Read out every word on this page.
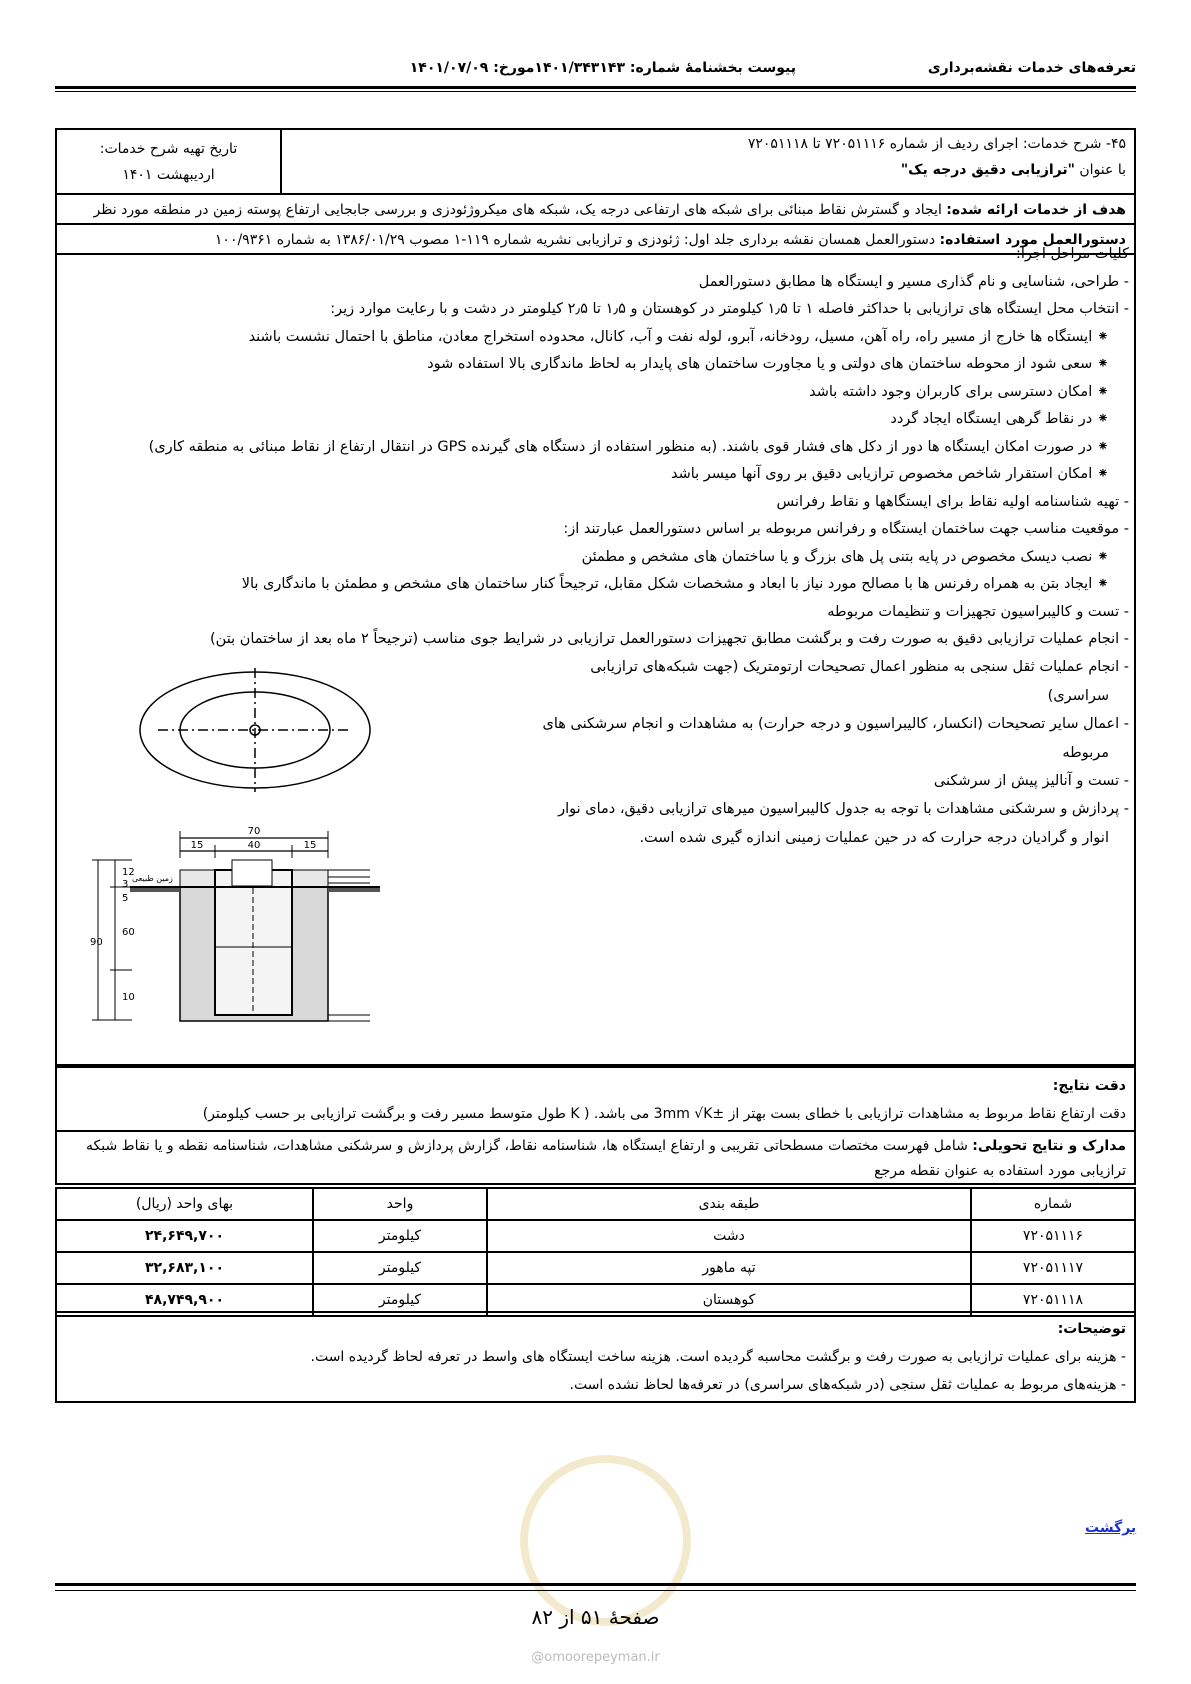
تعرفه‌های خدمات نقشه‌برداری
پیوست بخشنامهٔ شماره: ۱۴۰۱/۳۴۳۱۴۳مورخ: ۱۴۰۱/۰۷/۰۹
۴۵- شرح خدمات: اجرای ردیف از شماره ۷۲۰۵۱۱۱۶ تا ۷۲۰۵۱۱۱۸
با عنوان "ترازیابی دقیق درجه یک"
تاریخ تهیه شرح خدمات:
اردیبهشت ۱۴۰۱
هدف از خدمات ارائه شده: ایجاد و گسترش نقاط مبنائی برای شبکه های ارتفاعی درجه یک، شبکه های میکروژئودزی و بررسی جابجایی ارتفاع پوسته زمین در منطقه مورد نظر
دستورالعمل مورد استفاده: دستورالعمل همسان نقشه برداری جلد اول: ژئودزی و ترازیابی نشریه شماره ۱۱۹-۱ مصوب ۱۳۸۶/۰۱/۲۹ به شماره ۱۰۰/۹۳۶۱
کلیات مراحل اجرا:
- طراحی، شناسایی و نام گذاری مسیر و ایستگاه ها مطابق دستورالعمل
- انتخاب محل ایستگاه های ترازیابی با حداکثر فاصله ۱ تا ۱٫۵ کیلومتر در کوهستان و ۱٫۵ تا ۲٫۵ کیلومتر در دشت و با رعایت موارد زیر:
⁕ ایستگاه ها خارج از مسیر راه، راه آهن، مسیل، رودخانه، آبرو، لوله نفت و آب، کانال، محدوده استخراج معادن، مناطق با احتمال نشست باشند
⁕ سعی شود از محوطه ساختمان های دولتی و یا مجاورت ساختمان های پایدار به لحاظ ماندگاری بالا استفاده شود
⁕ امکان دسترسی برای کاربران وجود داشته باشد
⁕ در نقاط گرهی ایستگاه ایجاد گردد
⁕ در صورت امکان ایستگاه ها دور از دکل های فشار قوی باشند. (به منظور استفاده از دستگاه های گیرنده GPS در انتقال ارتفاع از نقاط مبنائی به منطقه کاری)
⁕ امکان استقرار شاخص مخصوص ترازیابی دقیق بر روی آنها میسر باشد
- تهیه شناسنامه اولیه نقاط برای ایستگاهها و نقاط رفرانس
- موقعیت مناسب جهت ساختمان ایستگاه و رفرانس مربوطه بر اساس دستورالعمل عبارتند از:
⁕ نصب دیسک مخصوص در پایه بتنی پل های بزرگ و یا ساختمان های مشخص و مطمئن
⁕ ایجاد بتن به همراه رفرنس ها با مصالح مورد نیاز با ابعاد و مشخصات شکل مقابل، ترجیحاً کنار ساختمان های مشخص و مطمئن با ماندگاری بالا
- تست و کالیبراسیون تجهیزات و تنظیمات مربوطه
- انجام عملیات ترازیابی دقیق به صورت رفت و برگشت مطابق تجهیزات دستورالعمل ترازیابی در شرایط جوی مناسب (ترجیحاً ۲ ماه بعد از ساختمان بتن)
- انجام عملیات ثقل سنجی به منظور اعمال تصحیحات ارتومتریک (جهت شبکه‌های ترازیابی
سراسری)
- اعمال سایر تصحیحات (انکسار، کالیبراسیون و درجه حرارت) به مشاهدات و انجام سرشکنی های
مربوطه
- تست و آنالیز پیش از سرشکنی
- پردازش و سرشکنی مشاهدات با توجه به جدول کالیبراسیون میرهای ترازیابی دقیق، دمای نوار
انوار و گرادیان درجه حرارت که در حین عملیات زمینی اندازه گیری شده است.
70
15	40	15
5
12
3
60
90
10
زمین طبیعی
دقت نتایج:
دقت ارتفاع نقاط مربوط به مشاهدات ترازیابی با خطای بست بهتر از ±3mm √K می باشد. ( K طول متوسط مسیر رفت و برگشت ترازیابی بر حسب کیلومتر)
مدارک و نتایج تحویلی: شامل فهرست مختصات مسطحاتی تقریبی و ارتفاع ایستگاه ها، شناسنامه نقاط، گزارش پردازش و سرشکنی مشاهدات، شناسنامه نقطه و یا نقاط شبکه
ترازیابی مورد استفاده به عنوان نقطه مرجع
شماره	طبقه بندی	واحد	بهای واحد (ریال)
۷۲۰۵۱۱۱۶	دشت	کیلومتر	۲۴,۶۴۹,۷۰۰
۷۲۰۵۱۱۱۷	تپه ماهور	کیلومتر	۳۲,۶۸۳,۱۰۰
۷۲۰۵۱۱۱۸	کوهستان	کیلومتر	۴۸,۷۴۹,۹۰۰
توضیحات:
- هزینه برای عملیات ترازیابی به صورت رفت و برگشت محاسبه گردیده است. هزینه ساخت ایستگاه های واسط در تعرفه لحاظ گردیده است.
- هزینه‌های مربوط به عملیات ثقل سنجی (در شبکه‌های سراسری) در تعرفه‌ها لحاظ نشده است.
برگشت
صفحهٔ ۵۱ از ۸۲
@omoorepeyman.ir
